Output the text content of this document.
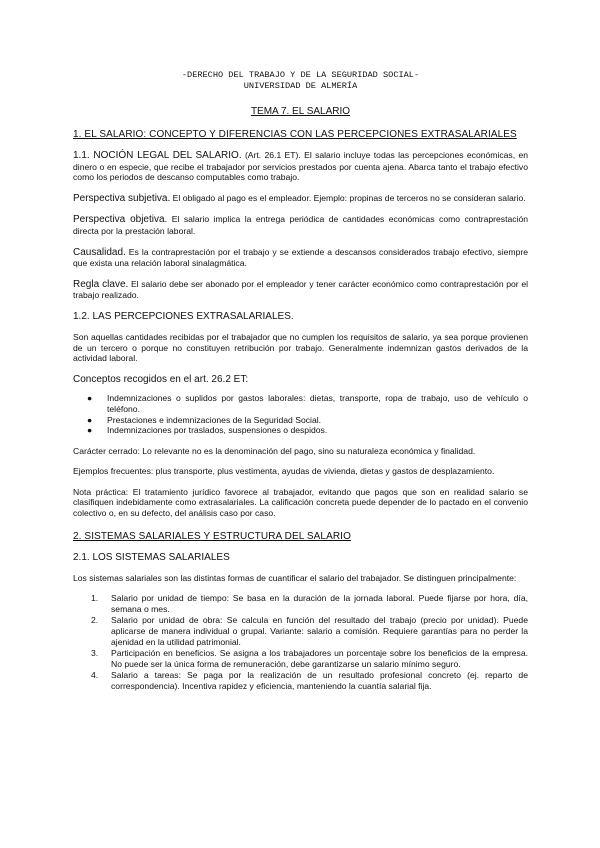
-DERECHO DEL TRABAJO Y DE LA SEGURIDAD SOCIAL-
UNIVERSIDAD DE ALMERÍA
TEMA 7. EL SALARIO
1. EL SALARIO: CONCEPTO Y DIFERENCIAS CON LAS PERCEPCIONES EXTRASALARIALES

1.1. NOCIÓN LEGAL DEL SALARIO. (Art. 26.1 ET). El salario incluye todas las percepciones económicas, en dinero o en especie, que recibe el trabajador por servicios prestados por cuenta ajena. Abarca tanto el trabajo efectivo como los periodos de descanso computables como trabajo.

Perspectiva subjetiva. El obligado al pago es el empleador. Ejemplo: propinas de terceros no se consideran salario.

Perspectiva objetiva. El salario implica la entrega periódica de cantidades económicas como contraprestación directa por la prestación laboral.

Causalidad. Es la contraprestación por el trabajo y se extiende a descansos considerados trabajo efectivo, siempre que exista una relación laboral sinalagmática.

Regla clave. El salario debe ser abonado por el empleador y tener carácter económico como contraprestación por el trabajo realizado.

1.2. LAS PERCEPCIONES EXTRASALARIALES.

Son aquellas cantidades recibidas por el trabajador que no cumplen los requisitos de salario, ya sea porque provienen de un tercero o porque no constituyen retribución por trabajo. Generalmente indemnizan gastos derivados de la actividad laboral.

Conceptos recogidos en el art. 26.2 ET:

● Indemnizaciones o suplidos por gastos laborales: dietas, transporte, ropa de trabajo, uso de vehículo o teléfono.
● Prestaciones e indemnizaciones de la Seguridad Social.
● Indemnizaciones por traslados, suspensiones o despidos.

Carácter cerrado: Lo relevante no es la denominación del pago, sino su naturaleza económica y finalidad.

Ejemplos frecuentes: plus transporte, plus vestimenta, ayudas de vivienda, dietas y gastos de desplazamiento.

Nota práctica: El tratamiento jurídico favorece al trabajador, evitando que pagos que son en realidad salario se clasifiquen indebidamente como extrasalariales. La calificación concreta puede depender de lo pactado en el convenio colectivo o, en su defecto, del análisis caso por caso.

2. SISTEMAS SALARIALES Y ESTRUCTURA DEL SALARIO
2.1. LOS SISTEMAS SALARIALES

Los sistemas salariales son las distintas formas de cuantificar el salario del trabajador. Se distinguen principalmente:

1. Salario por unidad de tiempo: Se basa en la duración de la jornada laboral. Puede fijarse por hora, día, semana o mes.
2. Salario por unidad de obra: Se calcula en función del resultado del trabajo (precio por unidad). Puede aplicarse de manera individual o grupal. Variante: salario a comisión. Requiere garantías para no perder la ajenidad en la utilidad patrimonial.
3. Participación en beneficios. Se asigna a los trabajadores un porcentaje sobre los beneficios de la empresa. No puede ser la única forma de remuneración, debe garantizarse un salario mínimo seguro.
4. Salario a tareas: Se paga por la realización de un resultado profesional concreto (ej. reparto de correspondencia). Incentiva rapidez y eficiencia, manteniendo la cuantía salarial fija.
